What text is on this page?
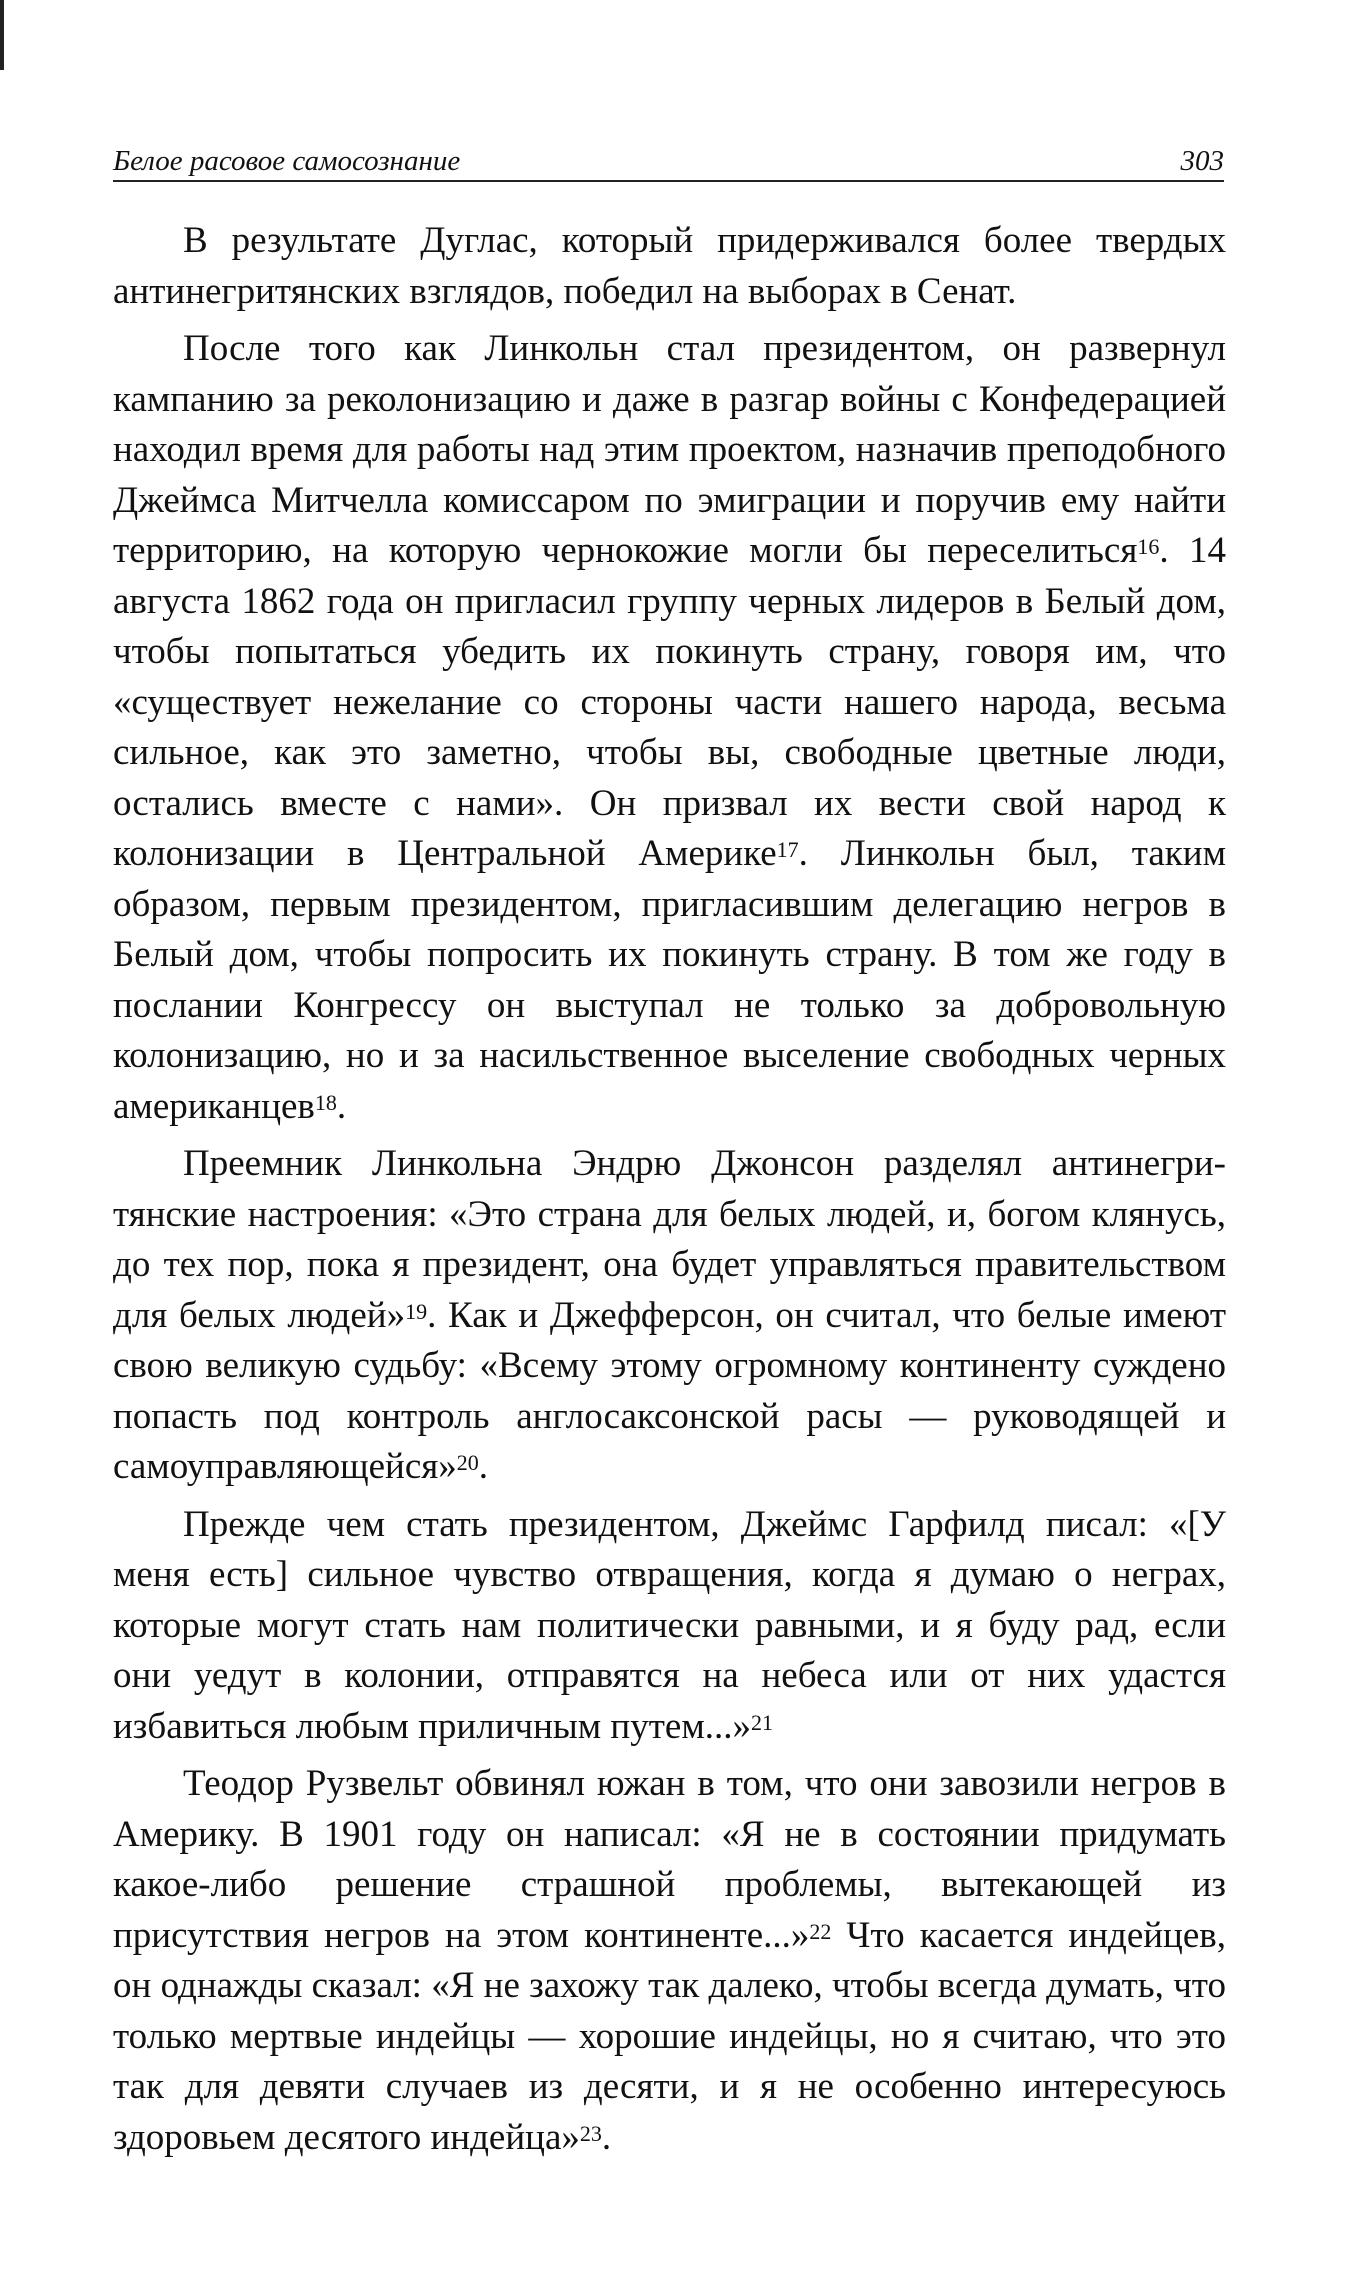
Белое расовое самосознание	303

В результате Дуглас, который придерживался более твердых антинегритянских взглядов, победил на выборах в Сенат.

После того как Линкольн стал президентом, он развернул кампанию за реколонизацию и даже в разгар войны с Конфедерацией находил время для работы над этим проектом, назначив преподобного Джеймса Митчелла комиссаром по эмиграции и поручив ему найти территорию, на которую чернокожие могли бы переселиться$^{16}$. 14 августа 1862 года он пригласил группу черных лидеров в Белый дом, чтобы попытаться убедить их покинуть страну, говоря им, что «существует нежелание со стороны части нашего народа, весьма сильное, как это заметно, чтобы вы, свободные цветные люди, остались вместе с нами». Он призвал их вести свой народ к колонизации в Центральной Америке$^{17}$. Линкольн был, таким образом, первым президентом, пригласившим делегацию негров в Белый дом, чтобы попросить их покинуть страну. В том же году в послании Конгрессу он выступал не только за добровольную колонизацию, но и за насильственное выселение свободных черных американцев$^{18}$.

Преемник Линкольна Эндрю Джонсон разделял антинегритянские настроения: «Это страна для белых людей, и, богом клянусь, до тех пор, пока я президент, она будет управляться правительством для белых людей»$^{19}$. Как и Джефферсон, он считал, что белые имеют свою великую судьбу: «Всему этому огромному континенту суждено попасть под контроль англосаксонской расы — руководящей и самоуправляющейся»$^{20}$.

Прежде чем стать президентом, Джеймс Гарфилд писал: «[У меня есть] сильное чувство отвращения, когда я думаю о неграх, которые могут стать нам политически равными, и я буду рад, если они уедут в колонии, отправятся на небеса или от них удастся избавиться любым приличным путем...»$^{21}$

Теодор Рузвельт обвинял южан в том, что они завозили негров в Америку. В 1901 году он написал: «Я не в состоянии придумать какое-либо решение страшной проблемы, вытекающей из присутствия негров на этом континенте...»$^{22}$ Что касается индейцев, он однажды сказал: «Я не захожу так далеко, чтобы всегда думать, что только мертвые индейцы — хорошие индейцы, но я считаю, что это так для девяти случаев из десяти, и я не особенно интересуюсь здоровьем десятого индейца»$^{23}$.
